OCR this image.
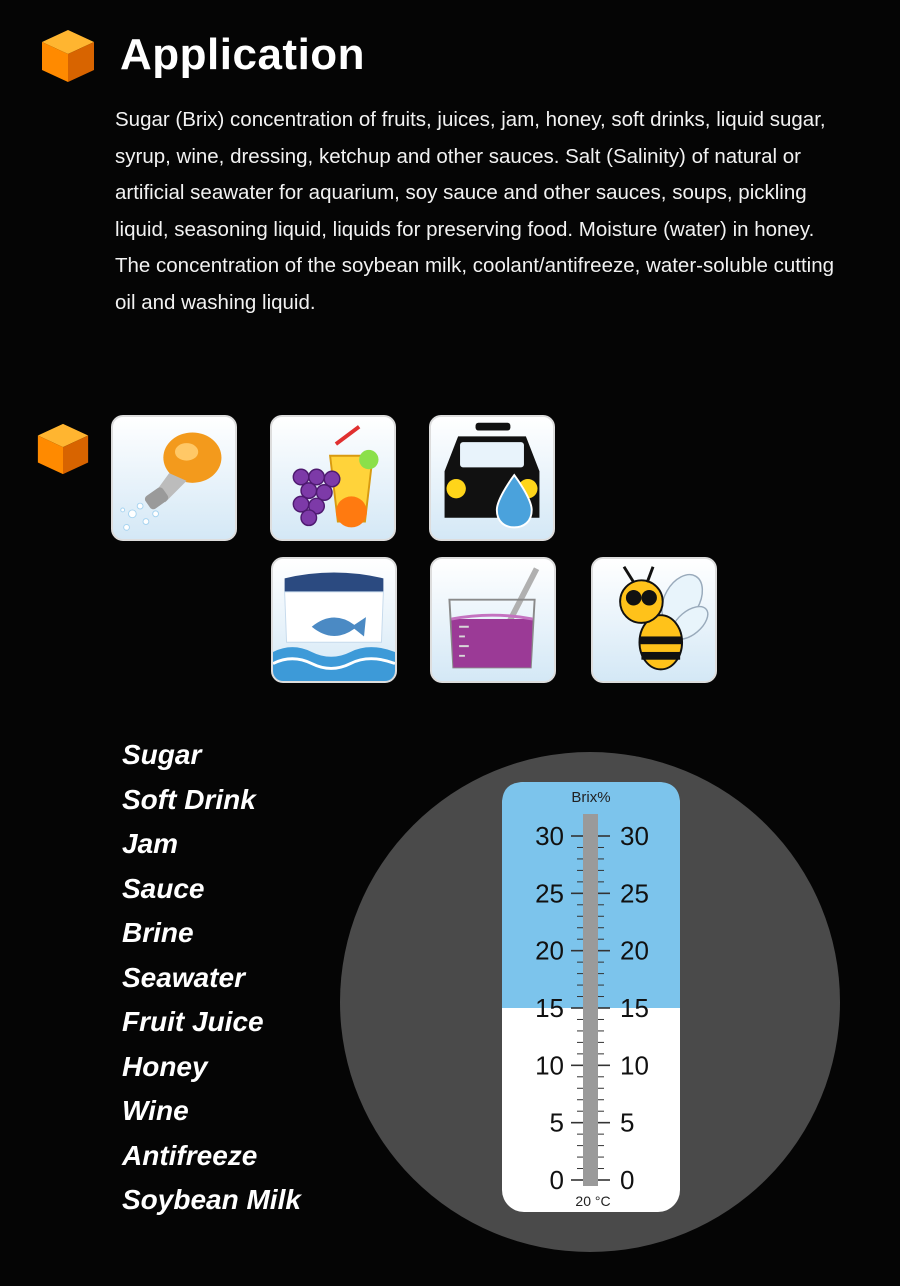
Application
Sugar (Brix) concentration of fruits, juices, jam, honey, soft drinks, liquid sugar, syrup, wine, dressing, ketchup and other sauces. Salt (Salinity) of natural or artificial seawater for aquarium, soy sauce and other sauces, soups, pickling liquid, seasoning liquid, liquids for preserving food. Moisture (water) in honey. The concentration of the soybean milk, coolant/antifreeze, water-soluble cutting oil and washing liquid.
Sugar
Soft Drink
Jam
Sauce
Brine
Seawater
Fruit Juice
Honey
Wine
Antifreeze
Soybean Milk
Brix%
30
25
20
15
10
5
0
30
25
20
15
10
5
0
20 °C
